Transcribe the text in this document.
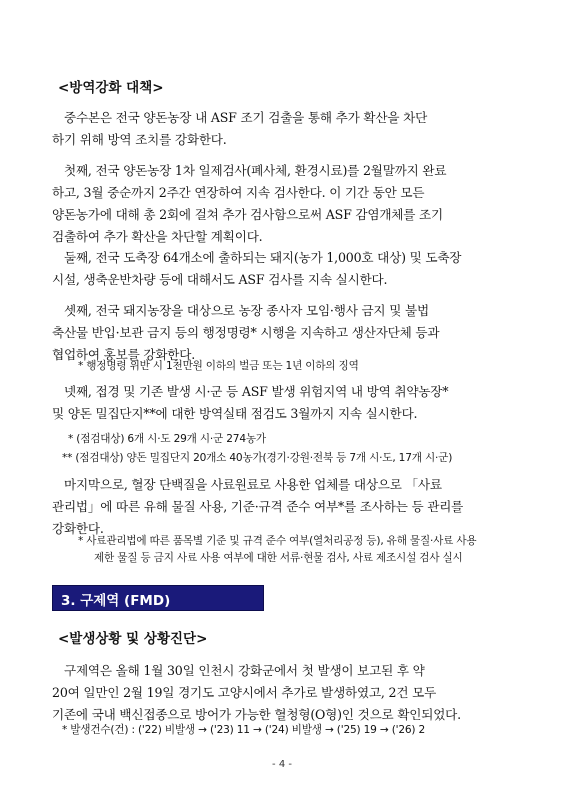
<방역강화 대책>
중수본은 전국 양돈농장 내 ASF 조기 검출을 통해 추가 확산을 차단
하기 위해 방역 조치를 강화한다.
첫째, 전국 양돈농장 1차 일제검사(폐사체, 환경시료)를 2월말까지 완료
하고, 3월 중순까지 2주간 연장하여 지속 검사한다. 이 기간 동안 모든
양돈농가에 대해 총 2회에 걸쳐 추가 검사함으로써 ASF 감염개체를 조기
검출하여 추가 확산을 차단할 계획이다.
둘째, 전국 도축장 64개소에 출하되는 돼지(농가 1,000호 대상) 및 도축장
시설, 생축운반차량 등에 대해서도 ASF 검사를 지속 실시한다.
셋째, 전국 돼지농장을 대상으로 농장 종사자 모임·행사 금지 및 불법
축산물 반입·보관 금지 등의 행정명령* 시행을 지속하고 생산자단체 등과
협업하여 홍보를 강화한다.
* 행정명령 위반 시 1천만원 이하의 벌금 또는 1년 이하의 징역
넷째, 접경 및 기존 발생 시·군 등 ASF 발생 위험지역 내 방역 취약농장*
및 양돈 밀집단지**에 대한 방역실태 점검도 3월까지 지속 실시한다.
* (점검대상) 6개 시·도 29개 시·군 274농가
** (점검대상) 양돈 밀집단지 20개소 40농가(경기·강원·전북 등 7개 시·도, 17개 시·군)
마지막으로, 혈장 단백질을 사료원료로 사용한 업체를 대상으로 「사료
관리법」에 따른 유해 물질 사용, 기준·규격 준수 여부*를 조사하는 등 관리를
강화한다.
* 사료관리법에 따른 품목별 기준 및 규격 준수 여부(열처리공정 등), 유해 물질·사료 사용
제한 물질 등 금지 사료 사용 여부에 대한 서류·현물 검사, 사료 제조시설 검사 실시
3. 구제역 (FMD)
<발생상황 및 상황진단>
구제역은 올해 1월 30일 인천시 강화군에서 첫 발생이 보고된 후 약
20여 일만인 2월 19일 경기도 고양시에서 추가로 발생하였고, 2건 모두
기존에 국내 백신접종으로 방어가 가능한 혈청형(O형)인 것으로 확인되었다.
* 발생건수(건) : ('22) 비발생 → ('23) 11 → ('24) 비발생 → ('25) 19 → ('26) 2
- 4 -
